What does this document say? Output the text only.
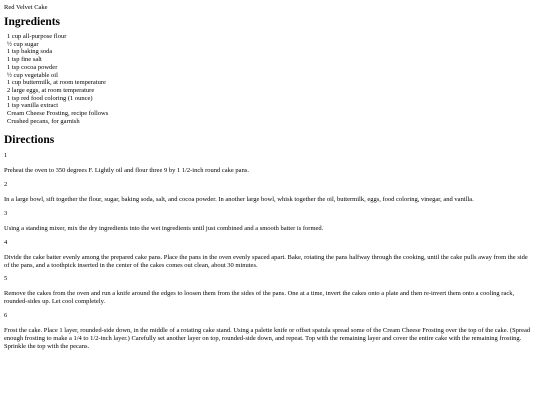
Red Velvet Cake
Ingredients
1 cup all-purpose flour
½ cup sugar
1 tsp baking soda
1 tsp fine salt
1 tsp cocoa powder
½ cup vegetable oil
1 cup buttermilk, at room temperature
2 large eggs, at room temperature
1 tsp red food coloring (1 ounce)
1 tsp vanilla extract
Cream Cheese Frosting, recipe follows
Crushed pecans, for garnish
Directions

1

Preheat the oven to 350 degrees F. Lightly oil and flour three 9 by 1 1/2-inch round cake pans.

2

In a large bowl, sift together the flour, sugar, baking soda, salt, and cocoa powder. In another large bowl, whisk together the oil, buttermilk, eggs, food coloring, vinegar, and vanilla.

3

Using a standing mixer, mix the dry ingredients into the wet ingredients until just combined and a smooth batter is formed.

4

Divide the cake batter evenly among the prepared cake pans. Place the pans in the oven evenly spaced apart. Bake, rotating the pans halfway through the cooking, until the cake pulls away from the side of the pans, and a toothpick inserted in the center of the cakes comes out clean, about 30 minutes.

5

Remove the cakes from the oven and run a knife around the edges to loosen them from the sides of the pans. One at a time, invert the cakes onto a plate and then re-invert them onto a cooling rack, rounded-sides up. Let cool completely.

6

Frost the cake. Place 1 layer, rounded-side down, in the middle of a rotating cake stand. Using a palette knife or offset spatula spread some of the Cream Cheese Frosting over the top of the cake. (Spread enough frosting to make a 1/4 to 1/2-inch layer.) Carefully set another layer on top, rounded-side down, and repeat. Top with the remaining layer and cover the entire cake with the remaining frosting. Sprinkle the top with the pecans.
